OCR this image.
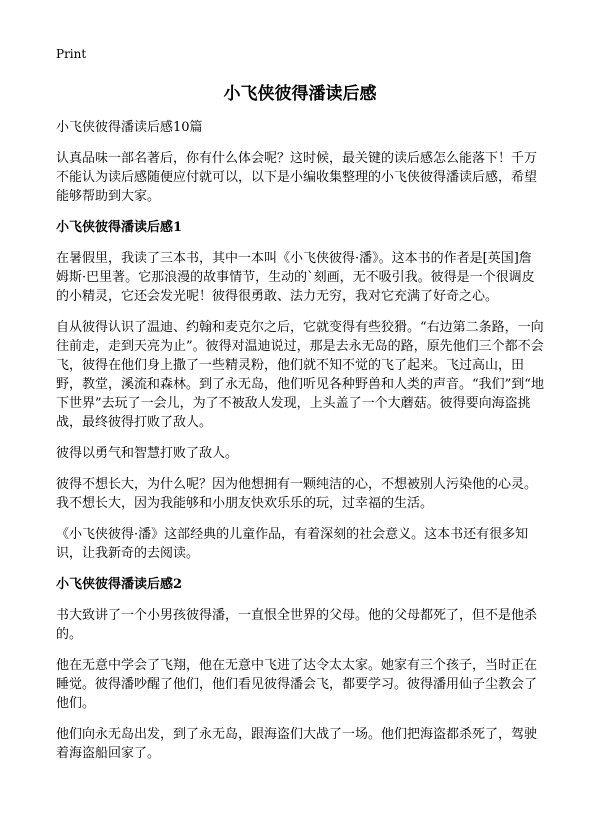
Print
小飞侠彼得潘读后感

小飞侠彼得潘读后感10篇

认真品味一部名著后，你有什么体会呢？这时候，最关键的读后感怎么能落下！千万不能认为读后感随便应付就可以，以下是小编收集整理的小飞侠彼得潘读后感，希望能够帮助到大家。

小飞侠彼得潘读后感1

在暑假里，我读了三本书，其中一本叫《小飞侠彼得·潘》。这本书的作者是[英国]詹姆斯·巴里著。它那浪漫的故事情节，生动的`刻画，无不吸引我。彼得是一个很调皮的小精灵，它还会发光呢！彼得很勇敢、法力无穷，我对它充满了好奇之心。

自从彼得认识了温迪、约翰和麦克尔之后，它就变得有些狡猾。“右边第二条路，一向往前走，走到天亮为止”。彼得对温迪说过，那是去永无岛的路，原先他们三个都不会飞，彼得在他们身上撒了一些精灵粉，他们就不知不觉的飞了起来。飞过高山，田野，教堂，溪流和森林。到了永无岛，他们听见各种野兽和人类的声音。“我们”到“地下世界”去玩了一会儿，为了不被敌人发现，上头盖了一个大蘑菇。彼得要向海盗挑战，最终彼得打败了敌人。

彼得以勇气和智慧打败了敌人。

彼得不想长大，为什么呢？因为他想拥有一颗纯洁的心，不想被别人污染他的心灵。我不想长大，因为我能够和小朋友快欢乐乐的玩，过幸福的生活。

《小飞侠彼得·潘》这部经典的儿童作品，有着深刻的社会意义。这本书还有很多知识，让我新奇的去阅读。

小飞侠彼得潘读后感2

书大致讲了一个小男孩彼得潘，一直恨全世界的父母。他的父母都死了，但不是他杀的。

他在无意中学会了飞翔，他在无意中飞进了达令太太家。她家有三个孩子，当时正在睡觉。彼得潘吵醒了他们，他们看见彼得潘会飞，都要学习。彼得潘用仙子尘教会了他们。

他们向永无岛出发，到了永无岛，跟海盗们大战了一场。他们把海盗都杀死了，驾驶着海盗船回家了。
